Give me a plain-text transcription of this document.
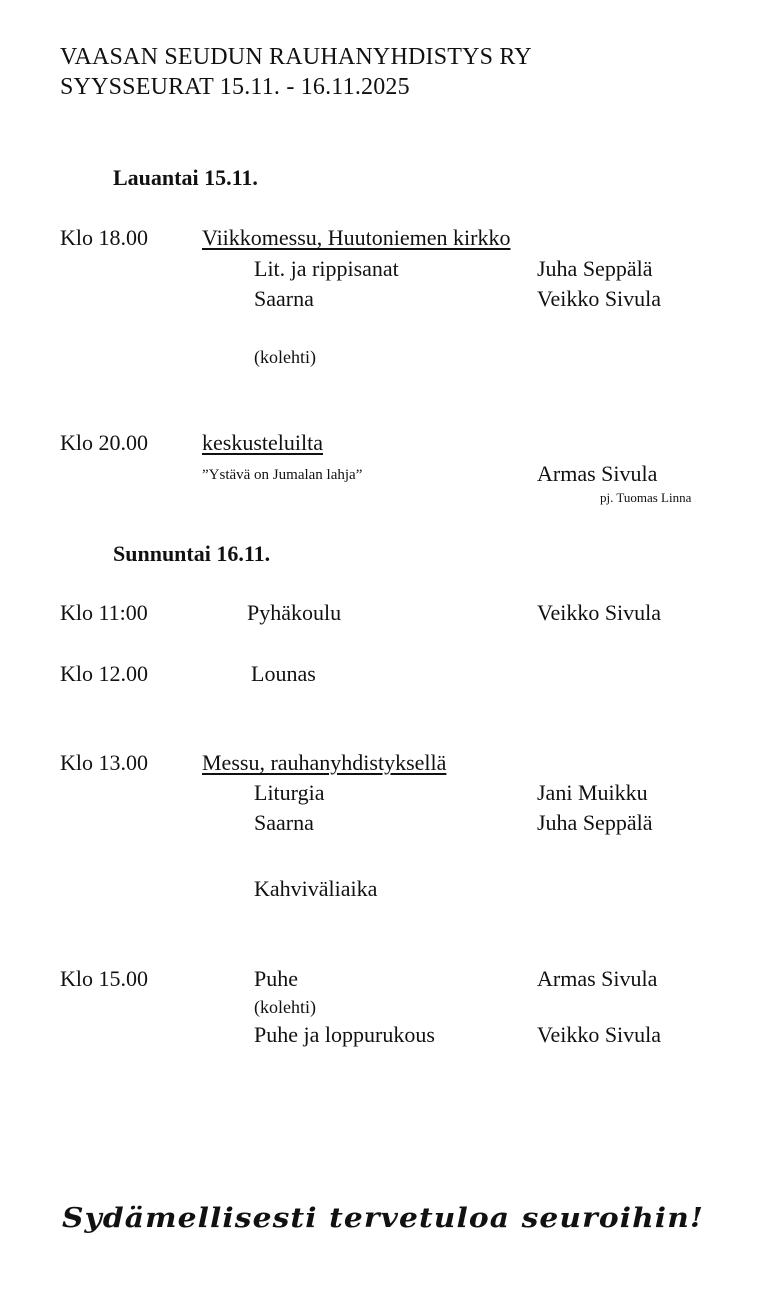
VAASAN SEUDUN RAUHANYHDISTYS RY
SYYSSEURAT 15.11. - 16.11.2025
Lauantai 15.11.
Klo 18.00 Viikkomessu, Huutoniemen kirkko
Lit. ja rippisanat	Juha Seppälä
Saarna	Veikko Sivula
(kolehti)
Klo 20.00 keskusteluilta
”Ystävä on Jumalan lahja”	Armas Sivula
pj. Tuomas Linna
Sunnuntai 16.11.
Klo 11:00	Pyhäkoulu	Veikko Sivula
Klo 12.00	Lounas
Klo 13.00 Messu, rauhanyhdistyksellä
Liturgia	Jani Muikku
Saarna	Juha Seppälä
Kahviväliaika
Klo 15.00	Puhe	Armas Sivula
(kolehti)
Puhe ja loppurukous	Veikko Sivula
Sydämellisesti tervetuloa seuroihin!
